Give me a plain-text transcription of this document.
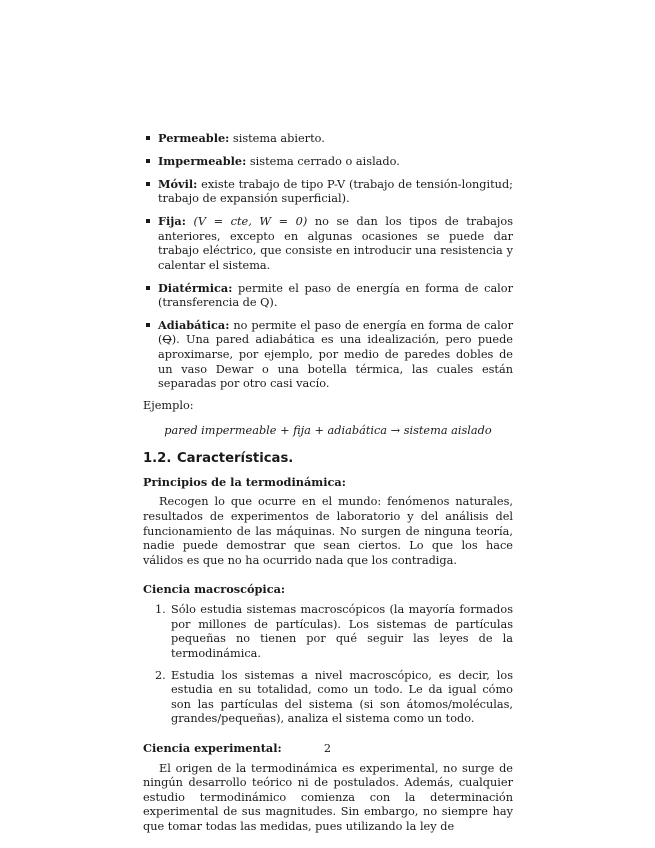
Permeable: sistema abierto.
Impermeable: sistema cerrado o aislado.
Móvil: existe trabajo de tipo P-V (trabajo de tensión-longitud; trabajo de expansión superficial).
Fija: (V = cte, W = 0) no se dan los tipos de trabajos anteriores, excepto en algunas ocasiones se puede dar trabajo eléctrico, que consiste en introducir una resistencia y calentar el sistema.
Diatérmica: permite el paso de energía en forma de calor (transferencia de Q).
Adiabática: no permite el paso de energía en forma de calor (Q). Una pared adiabática es una idealización, pero puede aproximarse, por ejemplo, por medio de paredes dobles de un vaso Dewar o una botella térmica, las cuales están separadas por otro casi vacío.

Ejemplo:

pared impermeable + fija + adiabática → sistema aislado
1.2. Características.
Principios de la termodinámica:

Recogen lo que ocurre en el mundo: fenómenos naturales, resultados de experimentos de laboratorio y del análisis del funcionamiento de las máquinas. No surgen de ninguna teoría, nadie puede demostrar que sean ciertos. Lo que los hace válidos es que no ha ocurrido nada que los contradiga.

Ciencia macroscópica:
1. Sólo estudia sistemas macroscópicos (la mayoría formados por millones de partículas). Los sistemas de partículas pequeñas no tienen por qué seguir las leyes de la termodinámica.
2. Estudia los sistemas a nivel macroscópico, es decir, los estudia en su totalidad, como un todo. Le da igual cómo son las partículas del sistema (si son átomos/moléculas, grandes/pequeñas), analiza el sistema como un todo.
Ciencia experimental:

El origen de la termodinámica es experimental, no surge de ningún desarrollo teórico ni de postulados. Además, cualquier estudio termodinámico comienza con la determinación experimental de sus magnitudes. Sin embargo, no siempre hay que tomar todas las medidas, pues utilizando la ley de

2
